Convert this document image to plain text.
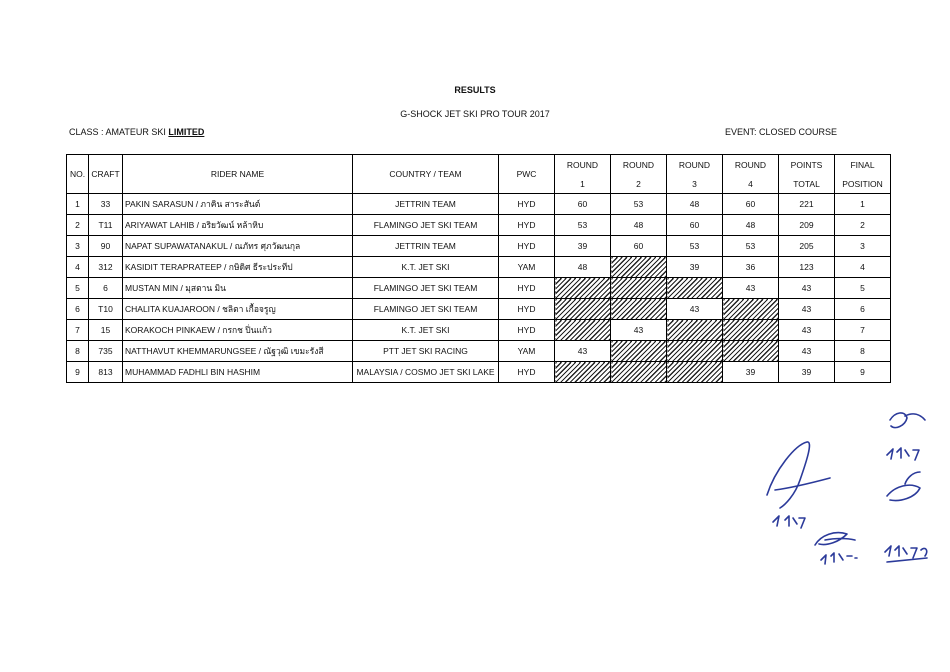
RESULTS
G-SHOCK JET SKI PRO TOUR 2017
CLASS : AMATEUR SKI LIMITED	EVENT: CLOSED COURSE
NO.	CRAFT	RIDER NAME	COUNTRY / TEAM	PWC	ROUND	ROUND	ROUND	ROUND	POINTS	FINAL
					1	2	3	4	TOTAL	POSITION
1	33	PAKIN SARASUN / ภาคิน สาระสันต์	JETTRIN TEAM	HYD	60	53	48	60	221	1
2	T11	ARIYAWAT LAHIB / อริยวัฒน์ หล้าหิบ	FLAMINGO JET SKI TEAM	HYD	53	48	60	48	209	2
3	90	NAPAT SUPAWATANAKUL / ณภัทร ศุภวัฒนกุล	JETTRIN TEAM	HYD	39	60	53	53	205	3
4	312	KASIDIT TERAPRATEEP / กษิดิศ ธีระประทีป	K.T. JET SKI	YAM	48		39	36	123	4
5	6	MUSTAN MIN / มุสตาน มิน	FLAMINGO JET SKI TEAM	HYD				43	43	5
6	T10	CHALITA KUAJAROON / ชลิตา เกื้อจรูญ	FLAMINGO JET SKI TEAM	HYD			43		43	6
7	15	KORAKOCH PINKAEW / กรกช ปิ่นแก้ว	K.T. JET SKI	HYD		43			43	7
8	735	NATTHAVUT KHEMMARUNGSEE / ณัฐวุฒิ เขมะรังสี	PTT JET SKI RACING	YAM	43				43	8
9	813	MUHAMMAD FADHLI BIN HASHIM	MALAYSIA / COSMO JET SKI LAKE	HYD				39	39	9
